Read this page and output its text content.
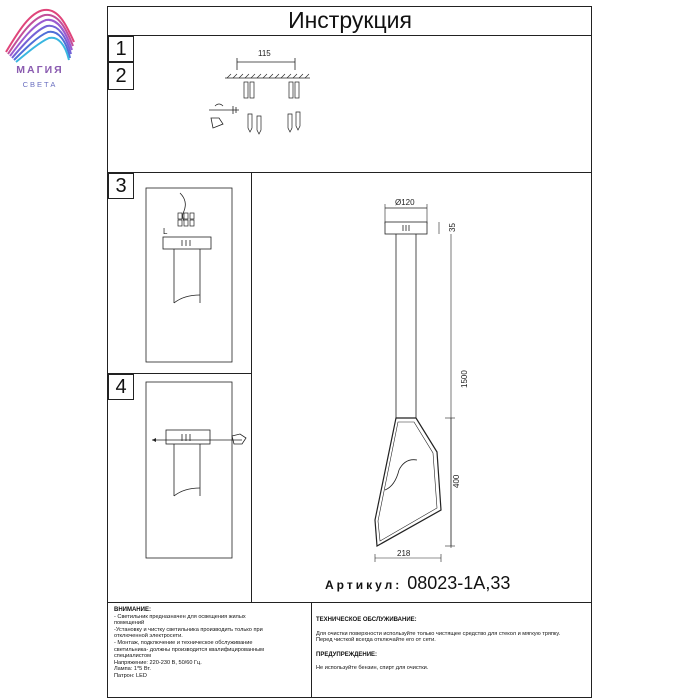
МАГИЯ
СВЕТА
Инструкция
1
2
115
3
L
4
Ø120
35
1500
400
218
Артикул: 08023-1A,33

ВНИМАНИЕ:

- Светильник предназначен для освещения жилых

помещений

-Установку и чистку светильника производить только при

отключенной электросети.

- Монтаж, подключение и техническое обслуживание

светильника- должны производится квалифицированным

специалистом

Напряжение: 220-230 В, 50/60 Гц.

Лампа: 1*5 Вт.

Патрон: LED

ТЕХНИЧЕСКОЕ ОБСЛУЖИВАНИЕ:

Для очистки поверхности используйте только чистящее средство для стекол и мягкую тряпку.

Перед чисткой всегда отключайте его от сети.

ПРЕДУПРЕЖДЕНИЕ:

Не используйте бензин, спирт для очистки.
